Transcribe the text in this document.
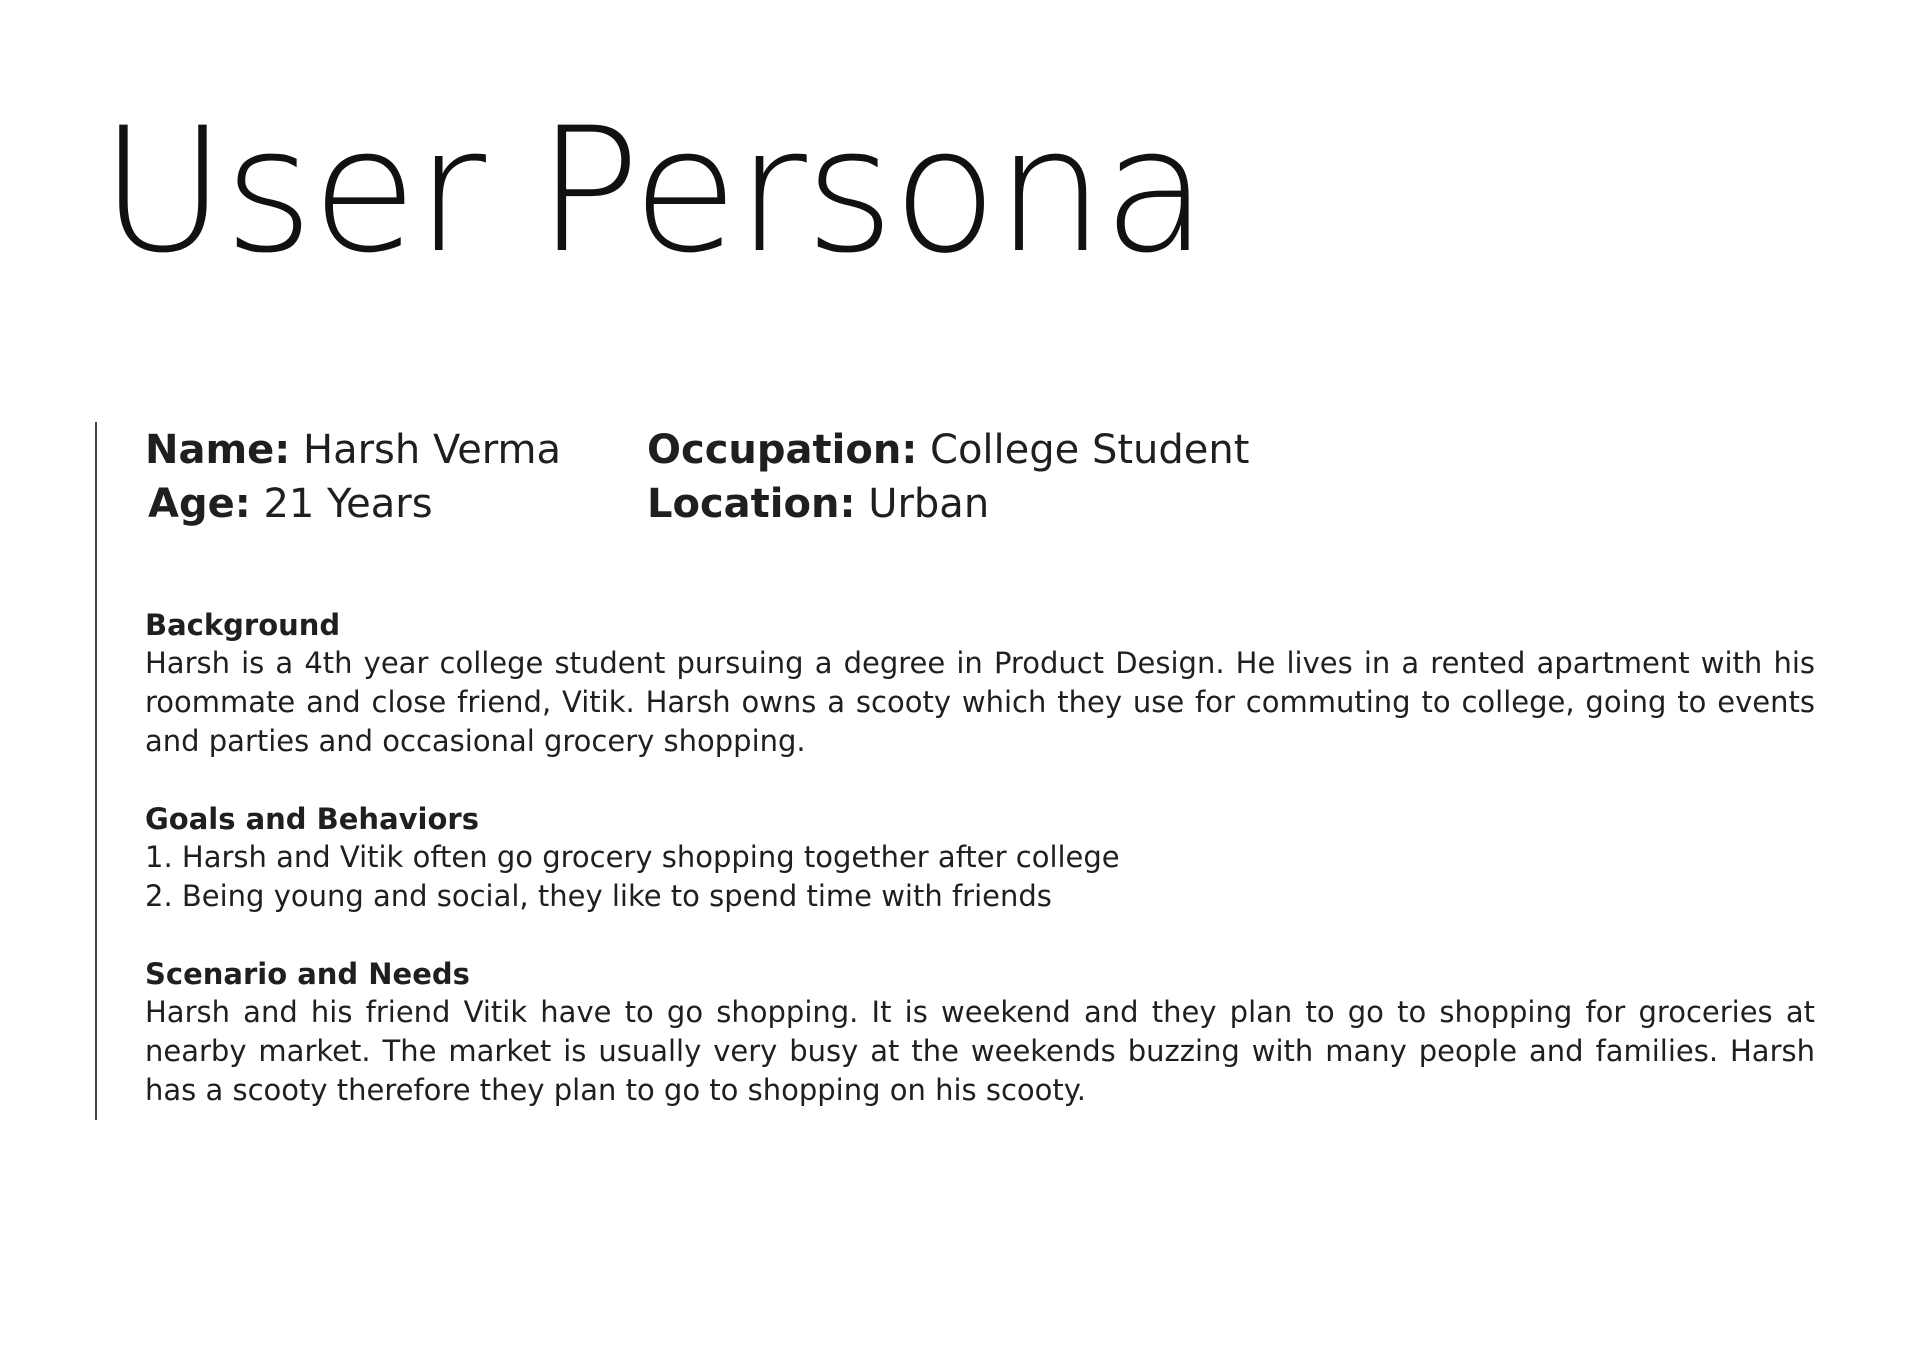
User Persona
Name: Harsh Verma
Age: 21 Years
Occupation: College Student
Location: Urban
Background

Harsh is a 4th year college student pursuing a degree in Product Design. He lives in a rented apartment with his roommate and close friend, Vitik. Harsh owns a scooty which they use for commuting to college, going to events and parties and occasional grocery shopping.

Goals and Behaviors
1. Harsh and Vitik often go grocery shopping together after college
2. Being young and social, they like to spend time with friends
Scenario and Needs

Harsh and his friend Vitik have to go shopping. It is weekend and they plan to go to shopping for groceries at nearby market. The market is usually very busy at the weekends buzzing with many people and families. Harsh has a scooty therefore they plan to go to shopping on his scooty.
